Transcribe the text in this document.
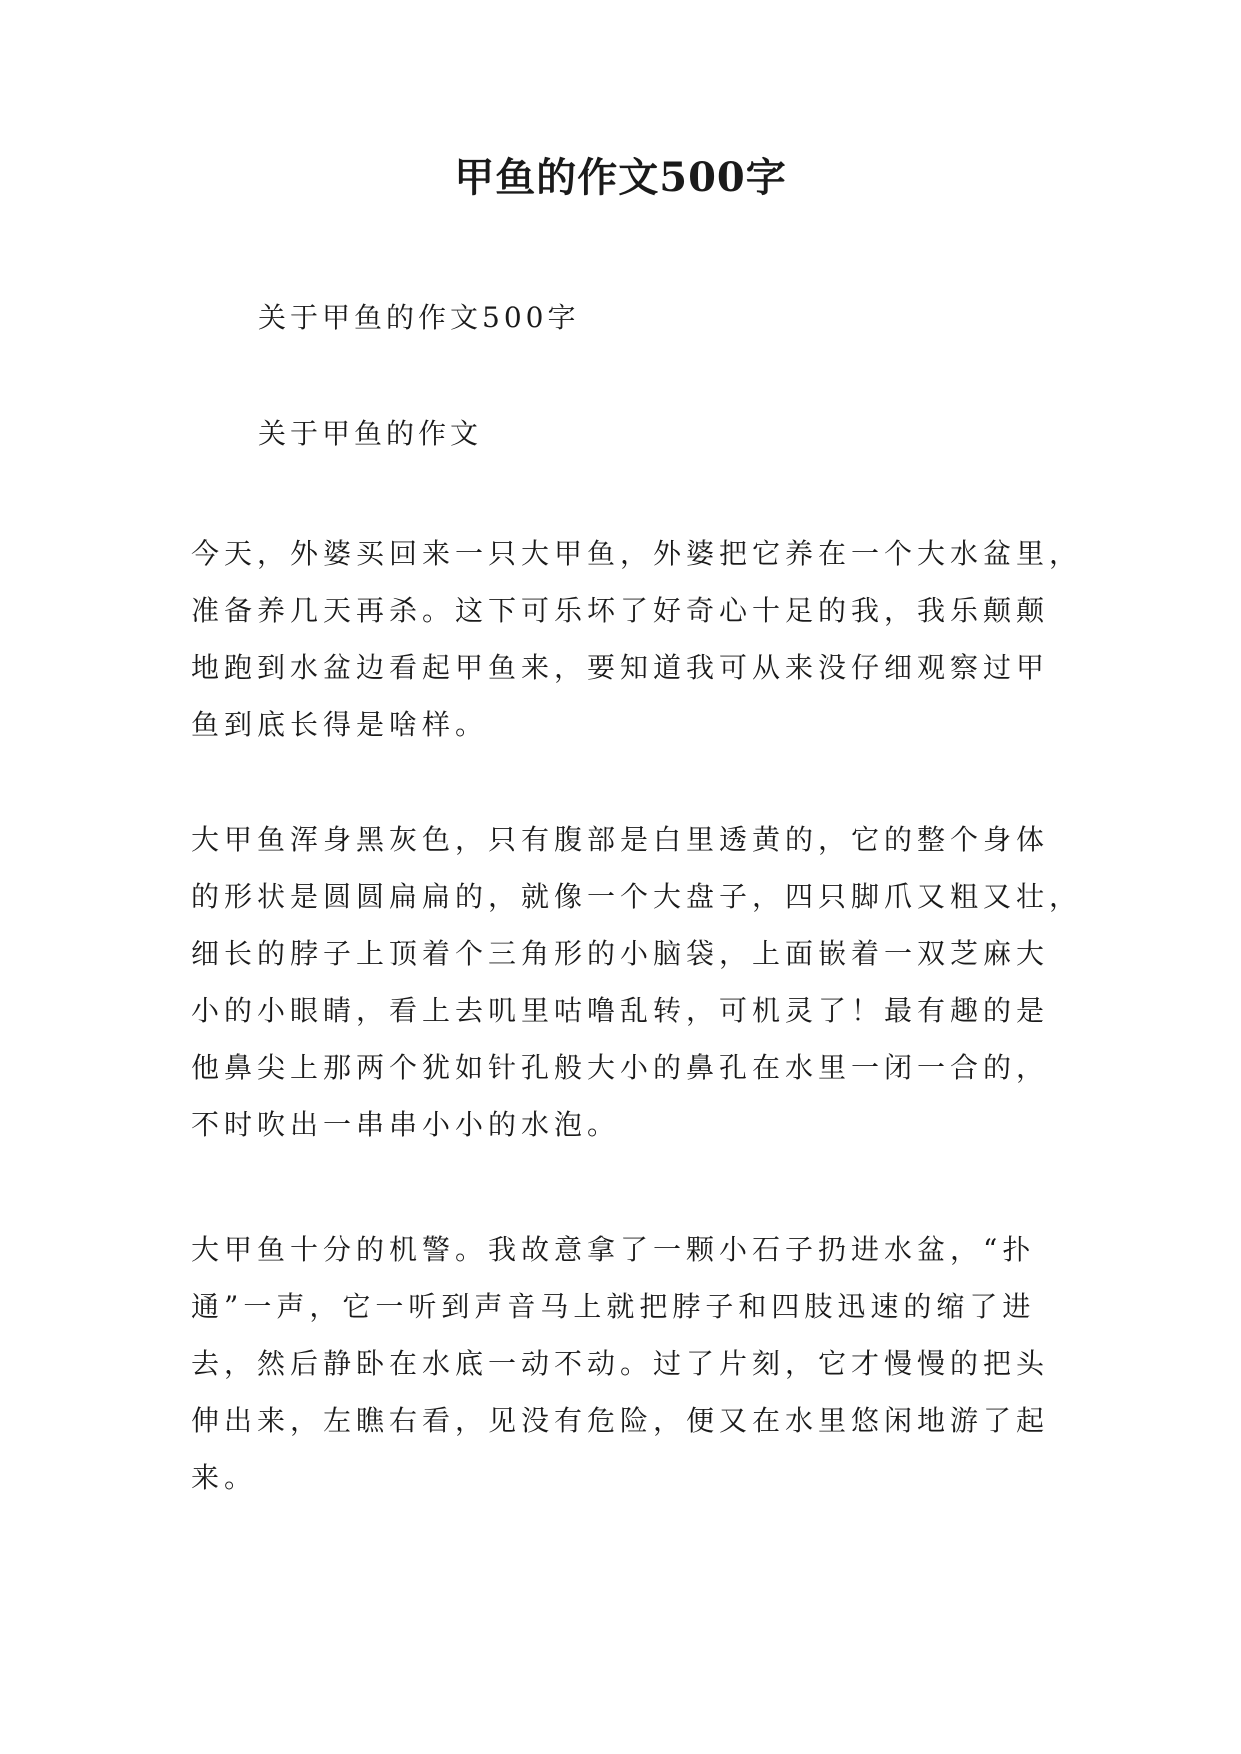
甲鱼的作文500字

关于甲鱼的作文500字

关于甲鱼的作文

今天，外婆买回来一只大甲鱼，外婆把它养在一个大水盆里，
准备养几天再杀。这下可乐坏了好奇心十足的我，我乐颠颠
地跑到水盆边看起甲鱼来，要知道我可从来没仔细观察过甲
鱼到底长得是啥样。
大甲鱼浑身黑灰色，只有腹部是白里透黄的，它的整个身体
的形状是圆圆扁扁的，就像一个大盘子，四只脚爪又粗又壮，
细长的脖子上顶着个三角形的小脑袋，上面嵌着一双芝麻大
小的小眼睛，看上去叽里咕噜乱转，可机灵了！最有趣的是
他鼻尖上那两个犹如针孔般大小的鼻孔在水里一闭一合的，
不时吹出一串串小小的水泡。
大甲鱼十分的机警。我故意拿了一颗小石子扔进水盆，“扑
通”一声，它一听到声音马上就把脖子和四肢迅速的缩了进
去，然后静卧在水底一动不动。过了片刻，它才慢慢的把头
伸出来，左瞧右看，见没有危险，便又在水里悠闲地游了起
来。
